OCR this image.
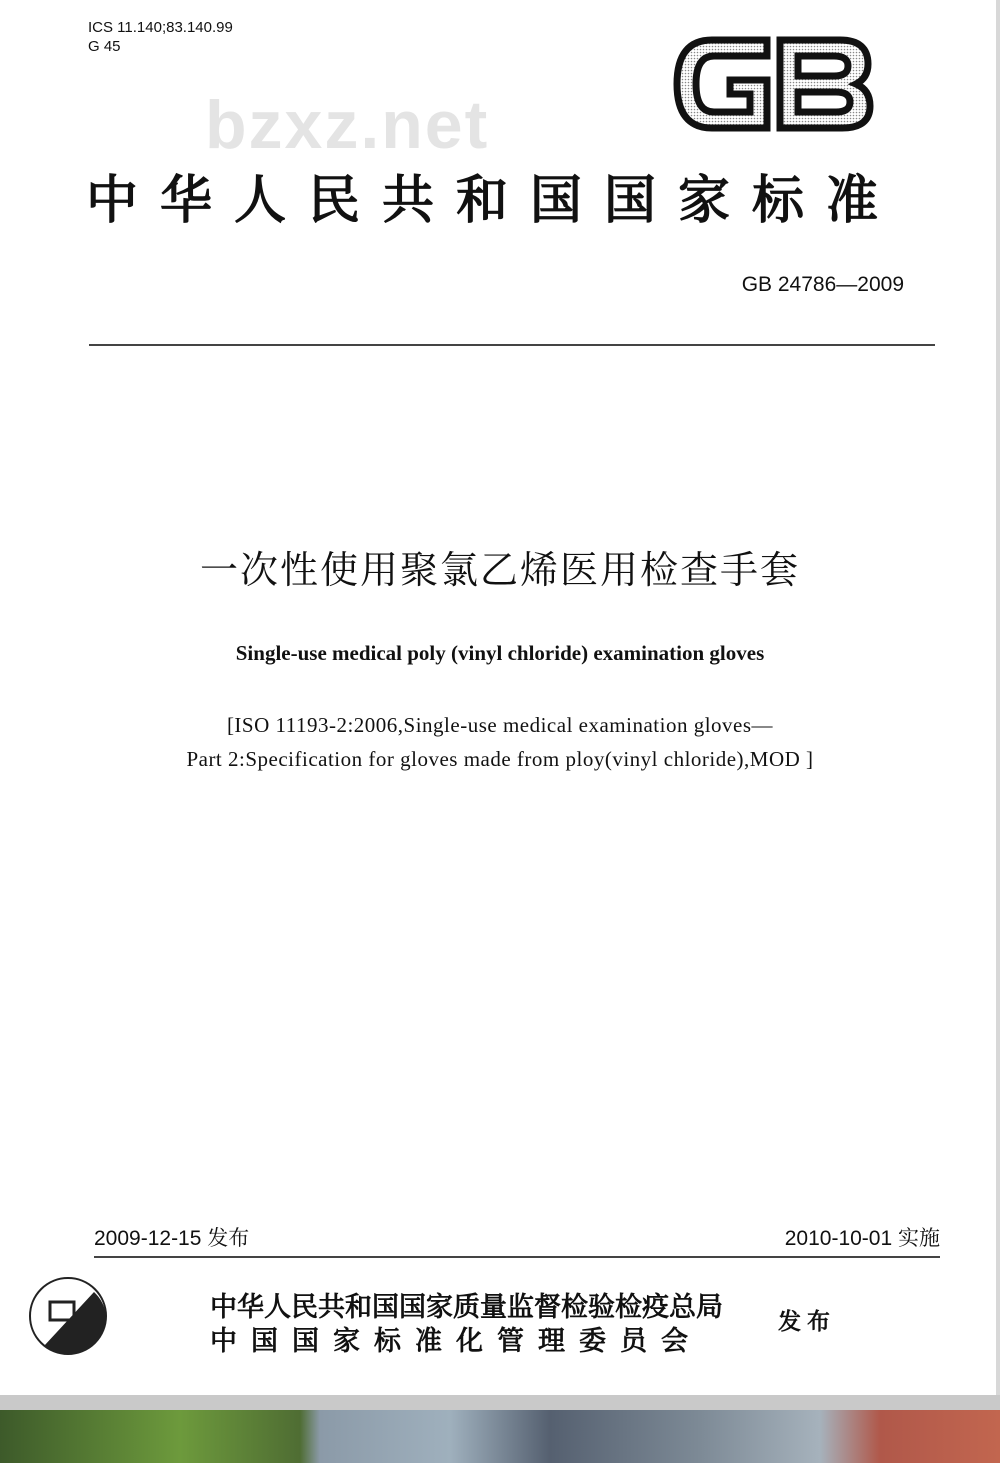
ICS 11.140;83.140.99
G 45
bzxz.net
中华人民共和国国家标准
GB 24786—2009
一次性使用聚氯乙烯医用检查手套
Single-use medical poly (vinyl chloride) examination gloves
[ISO 11193-2:2006,Single-use medical examination gloves—
Part 2:Specification for gloves made from ploy(vinyl chloride),MOD ]
2009-12-15 发布	2010-10-01 实施
中华人民共和国国家质量监督检验检疫总局
中国国家标准化管理委员会
发布
